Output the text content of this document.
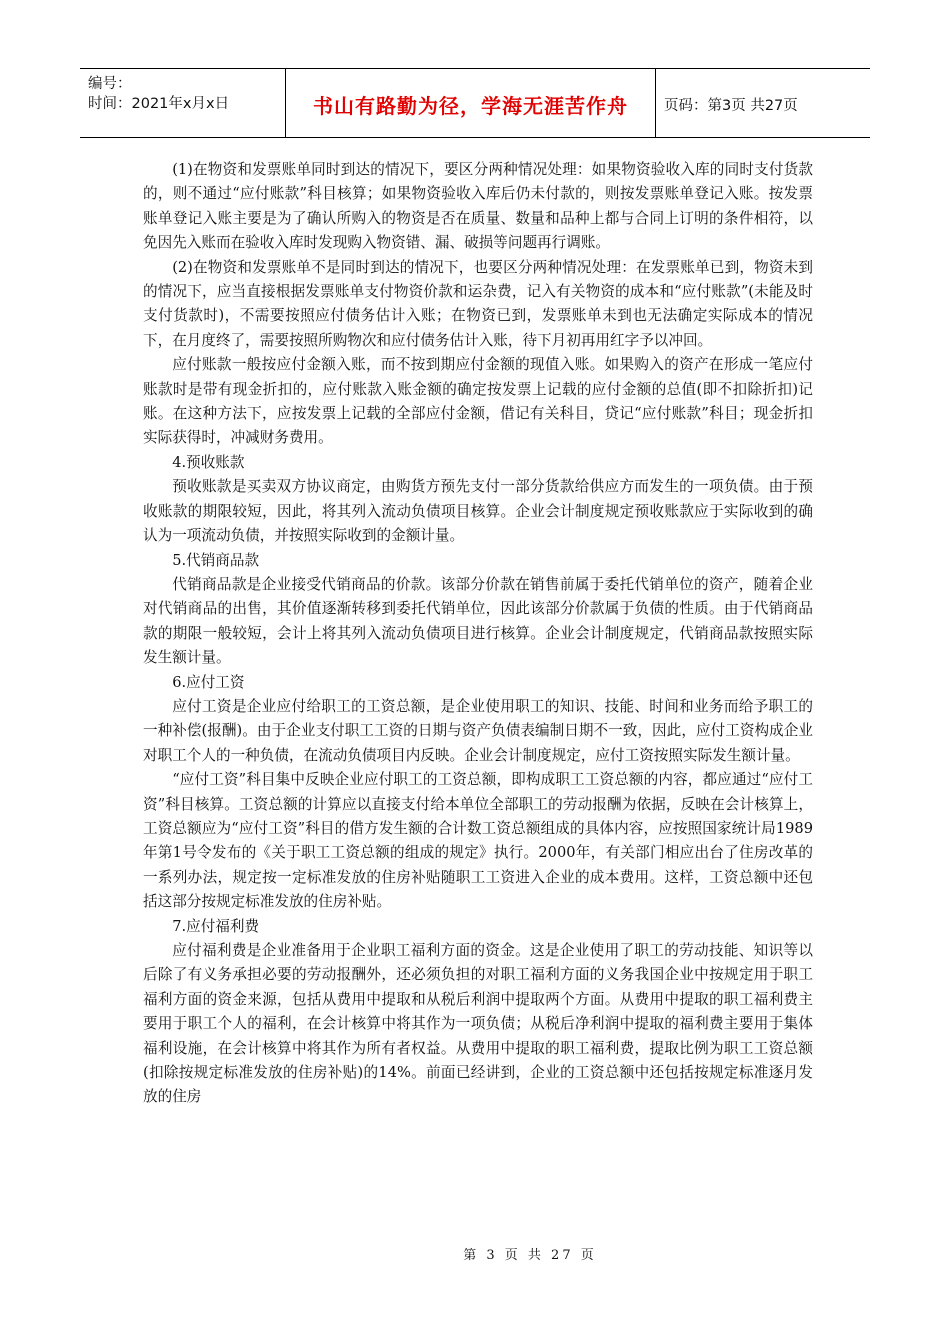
编号：
时间：2021年x月x日	书山有路勤为径，学海无涯苦作舟 页码：第3页 共27页

(1)在物资和发票账单同时到达的情况下，要区分两种情况处理：如果物资验收入库的同时支付货款的，则不通过“应付账款”科目核算；如果物资验收入库后仍未付款的，则按发票账单登记入账。按发票账单登记入账主要是为了确认所购入的物资是否在质量、数量和品种上都与合同上订明的条件相符，以免因先入账而在验收入库时发现购入物资错、漏、破损等问题再行调账。

(2)在物资和发票账单不是同时到达的情况下，也要区分两种情况处理：在发票账单已到，物资未到的情况下，应当直接根据发票账单支付物资价款和运杂费，记入有关物资的成本和“应付账款”(未能及时支付货款时)，不需要按照应付债务估计入账；在物资已到，发票账单未到也无法确定实际成本的情况下，在月度终了，需要按照所购物次和应付债务估计入账，待下月初再用红字予以冲回。

应付账款一般按应付金额入账，而不按到期应付金额的现值入账。如果购入的资产在形成一笔应付账款时是带有现金折扣的，应付账款入账金额的确定按发票上记载的应付金额的总值(即不扣除折扣)记账。在这种方法下，应按发票上记载的全部应付金额，借记有关科目，贷记“应付账款”科目；现金折扣实际获得时，冲减财务费用。

4.预收账款

预收账款是买卖双方协议商定，由购货方预先支付一部分货款给供应方而发生的一项负债。由于预收账款的期限较短，因此，将其列入流动负债项目核算。企业会计制度规定预收账款应于实际收到的确认为一项流动负债，并按照实际收到的金额计量。

5.代销商品款

代销商品款是企业接受代销商品的价款。该部分价款在销售前属于委托代销单位的资产，随着企业对代销商品的出售，其价值逐渐转移到委托代销单位，因此该部分价款属于负债的性质。由于代销商品款的期限一般较短，会计上将其列入流动负债项目进行核算。企业会计制度规定，代销商品款按照实际发生额计量。

6.应付工资

应付工资是企业应付给职工的工资总额，是企业使用职工的知识、技能、时间和业务而给予职工的一种补偿(报酬)。由于企业支付职工工资的日期与资产负债表编制日期不一致，因此，应付工资构成企业对职工个人的一种负债，在流动负债项目内反映。企业会计制度规定，应付工资按照实际发生额计量。

“应付工资”科目集中反映企业应付职工的工资总额，即构成职工工资总额的内容，都应通过“应付工资”科目核算。工资总额的计算应以直接支付给本单位全部职工的劳动报酬为依据，反映在会计核算上，工资总额应为“应付工资”科目的借方发生额的合计数工资总额组成的具体内容，应按照国家统计局1989年第1号令发布的《关于职工工资总额的组成的规定》执行。2000年，有关部门相应出台了住房改革的一系列办法，规定按一定标准发放的住房补贴随职工工资进入企业的成本费用。这样，工资总额中还包括这部分按规定标准发放的住房补贴。

7.应付福利费

应付福利费是企业准备用于企业职工福利方面的资金。这是企业使用了职工的劳动技能、知识等以后除了有义务承担必要的劳动报酬外，还必须负担的对职工福利方面的义务我国企业中按规定用于职工福利方面的资金来源，包括从费用中提取和从税后利润中提取两个方面。从费用中提取的职工福利费主要用于职工个人的福利，在会计核算中将其作为一项负债；从税后净利润中提取的福利费主要用于集体福利设施，在会计核算中将其作为所有者权益。从费用中提取的职工福利费，提取比例为职工工资总额(扣除按规定标准发放的住房补贴)的14%。前面已经讲到，企业的工资总额中还包括按规定标准逐月发放的住房

第 3 页 共 27 页
